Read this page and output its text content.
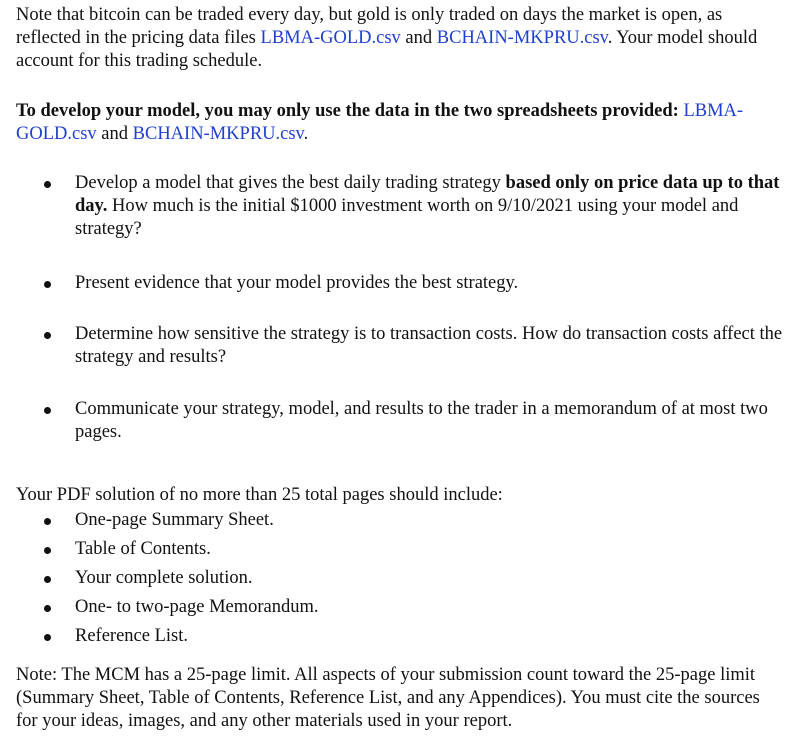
Note that bitcoin can be traded every day, but gold is only traded on days the market is open, as reflected in the pricing data files LBMA-GOLD.csv and BCHAIN-MKPRU.csv. Your model should account for this trading schedule.

To develop your model, you may only use the data in the two spreadsheets provided: LBMA-GOLD.csv and BCHAIN-MKPRU.csv.

Develop a model that gives the best daily trading strategy based only on price data up to that day. How much is the initial $1000 investment worth on 9/10/2021 using your model and strategy?
Present evidence that your model provides the best strategy.
Determine how sensitive the strategy is to transaction costs. How do transaction costs affect the strategy and results?
Communicate your strategy, model, and results to the trader in a memorandum of at most two pages.

Your PDF solution of no more than 25 total pages should include:

One-page Summary Sheet.
Table of Contents.
Your complete solution.
One- to two-page Memorandum.
Reference List.

Note: The MCM has a 25-page limit. All aspects of your submission count toward the 25-page limit (Summary Sheet, Table of Contents, Reference List, and any Appendices). You must cite the sources for your ideas, images, and any other materials used in your report.
